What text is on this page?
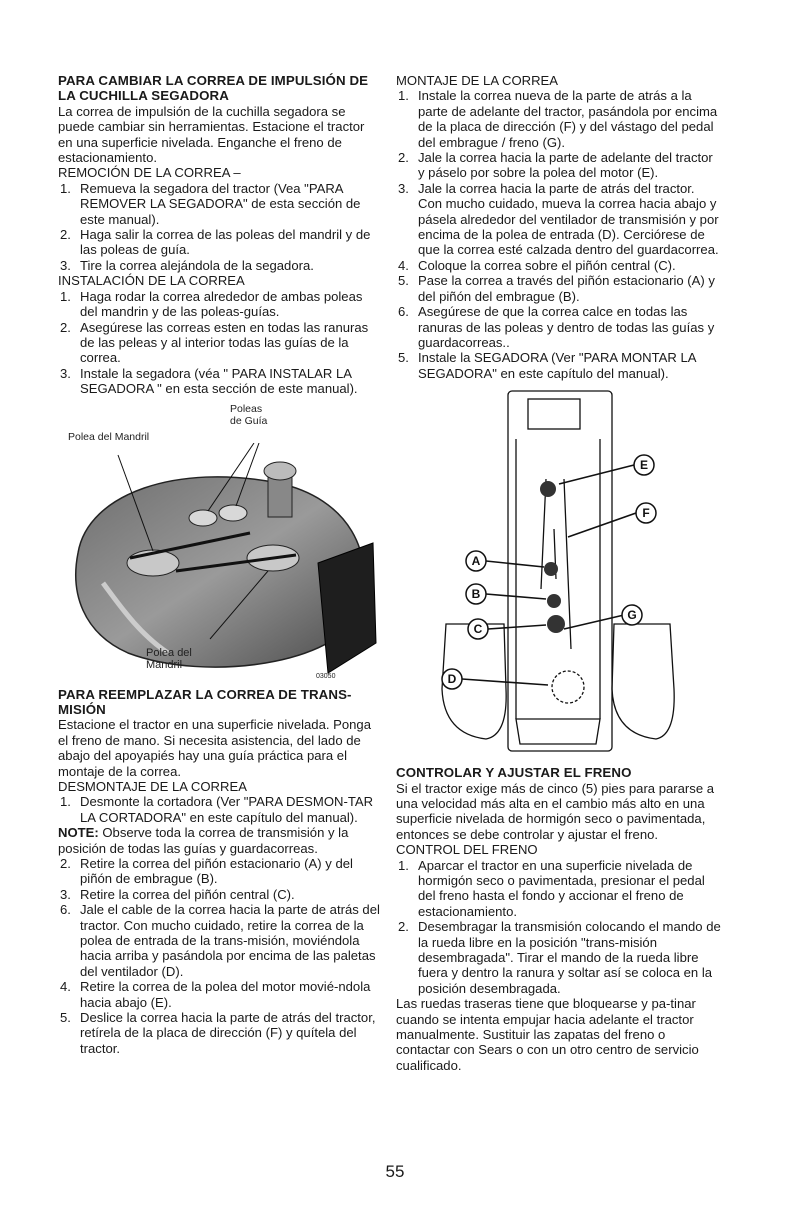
PARA CAMBIAR LA CORREA DE IMPULSIÓN DE LA CUCHILLA SEGADORA

La correa de impulsión de la cuchilla segadora se puede cambiar sin herramientas. Estacione el tractor en una superficie nivelada. Enganche el freno de estacionamiento.

REMOCIÓN DE LA CORREA –

1. Remueva la segadora del tractor (Vea "PARA REMOVER LA SEGADORA" de esta sección de este manual).
2. Haga salir la correa de las poleas del mandril y de las poleas de guía.
3. Tire la correa alejándola de la segadora.

INSTALACIÓN DE LA CORREA

1. Haga rodar la correa alrededor de ambas poleas del mandrin y de las poleas-guías.
2. Asegúrese las correas esten en todas las ranuras de las peleas y al interior todas las guías de la correa.
3. Instale la segadora (véa " PARA INSTALAR LA SEGADORA " en esta sección de este manual).
Poleas de Guía
Polea del Mandril
Polea del Mandril
03050
PARA REEMPLAZAR LA CORREA DE TRANS-MISIÓN

Estacione el tractor en una superficie nivelada. Ponga el freno de mano. Si necesita asistencia, del lado de abajo del apoyapiés hay una guía práctica para el montaje de la correa.

DESMONTAJE DE LA CORREA

1. Desmonte la cortadora (Ver "PARA DESMON-TAR LA CORTADORA" en este capítulo del manual).

NOTE: Observe toda la correa de transmisión y la posición de todas las guías y guardacorreas.

2. Retire la correa del piñón estacionario (A) y del piñón de embrague (B).
3. Retire la correa del piñón central (C).
6. Jale el cable de la correa hacia la parte de atrás del tractor. Con mucho cuidado, retire la correa de la polea de entrada de la trans-misión, moviéndola hacia arriba y pasándola por encima de las paletas del ventilador (D).
4. Retire la correa de la polea del motor movié-ndola hacia abajo (E).
5. Deslice la correa hacia la parte de atrás del tractor, retírela de la placa de dirección (F) y quítela del tractor.

MONTAJE DE LA CORREA

1. Instale la correa nueva de la parte de atrás a la parte de adelante del tractor, pasándola por encima de la placa de dirección (F) y del vástago del pedal del embrague / freno (G).
2. Jale la correa hacia la parte de adelante del tractor y páselo por sobre la polea del motor (E).
3. Jale la correa hacia la parte de atrás del tractor. Con mucho cuidado, mueva la correa hacia abajo y pásela alrededor del ventilador de transmisión y por encima de la polea de entrada (D). Cerciórese de que la correa esté calzada dentro del guardacorrea.
4. Coloque la correa sobre el piñón central (C).
5. Pase la correa a través del piñón estacionario (A) y del piñón del embrague (B).
6. Asegúrese de que la correa calce en todas las ranuras de las poleas y dentro de todas las guías y guardacorreas..
5. Instale la SEGADORA (Ver "PARA MONTAR LA SEGADORA" en este capítulo del manual).
E
F
A
B
C
G
D
CONTROLAR Y AJUSTAR EL FRENO

Si el tractor exige más de cinco (5) pies para pararse a una velocidad más alta en el cambio más alto en una superficie nivelada de hormigón seco o pavimentada, entonces se debe controlar y ajustar el freno.

CONTROL DEL FRENO

1. Aparcar el tractor en una superficie nivelada de hormigón seco o pavimentada, presionar el pedal del freno hasta el fondo y accionar el freno de estacionamiento.
2. Desembragar la transmisión colocando el mando de la rueda libre en la posición "trans-misión desembragada". Tirar el mando de la rueda libre fuera y dentro la ranura y soltar así se coloca en la posición desembragada.

Las ruedas traseras tiene que bloquearse y pa-tinar cuando se intenta empujar hacia adelante el tractor manualmente. Sustituir las zapatas del freno o contactar con Sears o con un otro centro de servicio cualificado.

55
